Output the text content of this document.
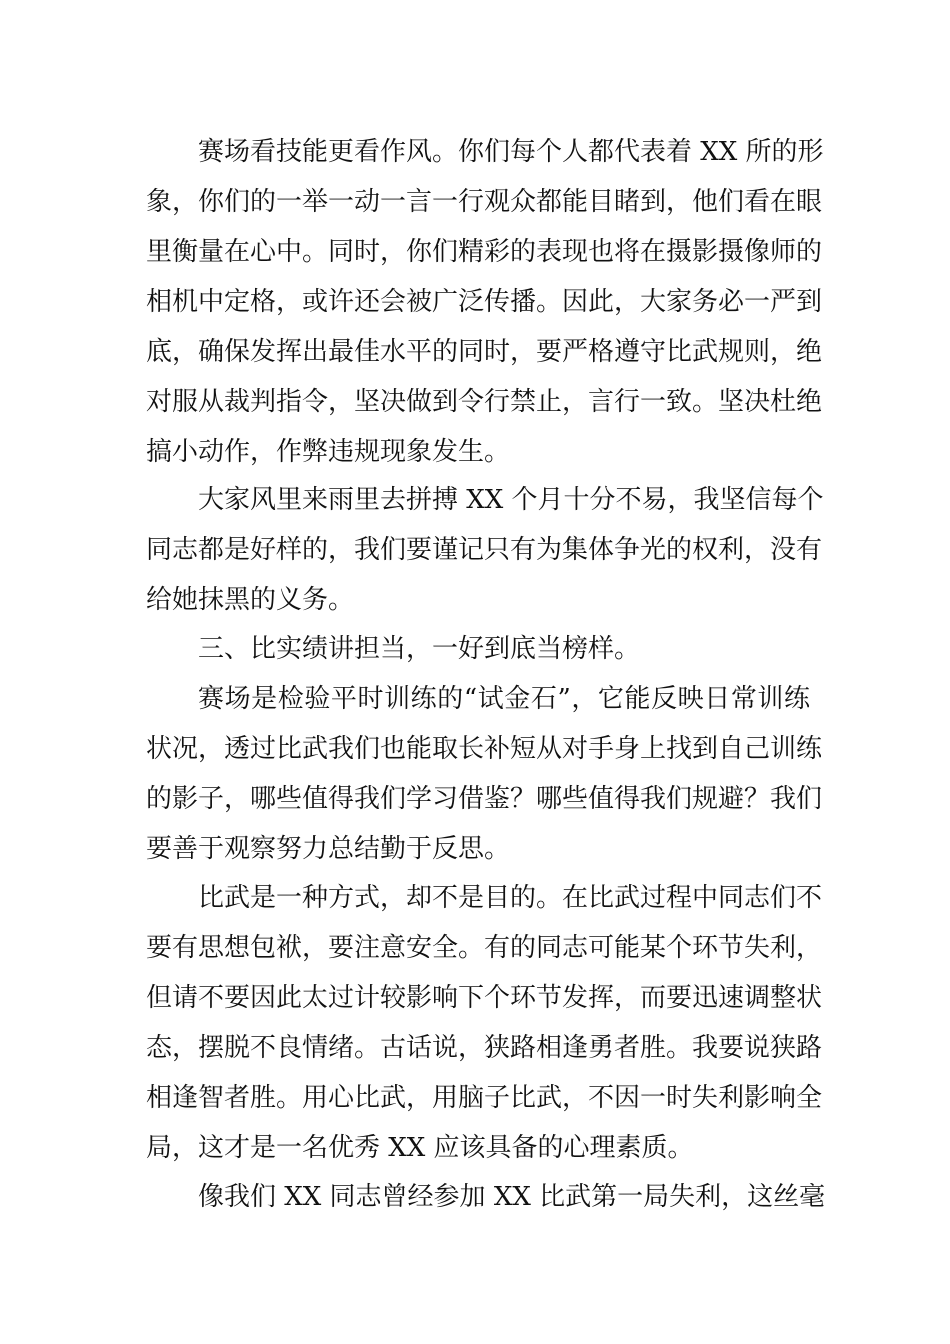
赛场看技能更看作风。你们每个人都代表着 XX 所的形
象，你们的一举一动一言一行观众都能目睹到，他们看在眼
里衡量在心中。同时，你们精彩的表现也将在摄影摄像师的
相机中定格，或许还会被广泛传播。因此，大家务必一严到
底，确保发挥出最佳水平的同时，要严格遵守比武规则，绝
对服从裁判指令，坚决做到令行禁止，言行一致。坚决杜绝
搞小动作，作弊违规现象发生。
大家风里来雨里去拼搏 XX 个月十分不易，我坚信每个
同志都是好样的，我们要谨记只有为集体争光的权利，没有
给她抹黑的义务。
三、比实绩讲担当，一好到底当榜样。
赛场是检验平时训练的“试金石”，它能反映日常训练
状况，透过比武我们也能取长补短从对手身上找到自己训练
的影子，哪些值得我们学习借鉴？哪些值得我们规避？我们
要善于观察努力总结勤于反思。
比武是一种方式，却不是目的。在比武过程中同志们不
要有思想包袱，要注意安全。有的同志可能某个环节失利，
但请不要因此太过计较影响下个环节发挥，而要迅速调整状
态，摆脱不良情绪。古话说，狭路相逢勇者胜。我要说狭路
相逢智者胜。用心比武，用脑子比武，不因一时失利影响全
局，这才是一名优秀 XX 应该具备的心理素质。
像我们 XX 同志曾经参加 XX 比武第一局失利，这丝毫
